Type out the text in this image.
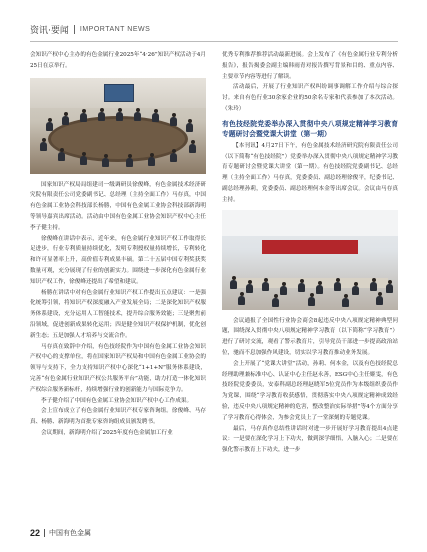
资讯·要闻 IMPORTANT NEWS

会知识产权中心主办的有色金属行业2025年“4·26”知识产权活动于4月25日在京举行。

国家知识产权局局组建司一级调研员徐俊峰，有色金属技术经济研究院有限责任公司党委副书记、总经理（主持全面工作）马存真，中国有色金属工业协会科技部长杨勝，中国有色金属工业协会科技部新海明等领导嘉宾出席活动。活动由中国有色金属工业协会知识产权中心主任李子健主持。

徐俊峰在讲话中表示，近年来，有色金属行业知识产权工作取得长足进步，行业专利质量持续优化，发明专利授权量持续增长，专利转化和许可显著率上升，高价值专利成果丰硕。第二十五届中国专利奖获奖数量可观，充分展现了行业的创新实力。围绕进一步深化有色金属行业知识产权工作，徐俊峰还提出了希望和建议。

杨勝在讲话中对有色金属行业知识产权工作提出五点建议：一是强化统筹引领，将知识产权深度融入产业发展全局；二是深化知识产权服务体系建设，充分运用人工智能技术，提升综合服务效能；三是聚焦前沿领域，促进创新成果转化运用；四是健全知识产权保护机制，优化创新生态；五是加强人才培养与交流合作。

马存真在致辞中介绍，有色技经院作为中国有色金属工业协会知识产权中心的支撑单位，将在国家知识产权局和中国有色金属工业协会的领导与支持下，全力支持知识产权中心深化“1+1+N”服务体系建设，完善“有色金属行业知识产权公共服务平台”功能，助力打造一体化知识产权综合服务新标杆，持续增强行业的创新能力与国际竞争力。

李子健介绍了中国有色金属工业协会知识产权中心工作成果。

会上宣布成立了有色金属行业知识产权专家咨询组。徐俊峰、马存真、杨勝、新海明为首批专家咨询组成员颁发聘书。

会议期间，新海明介绍了2025年度有色金属加工行业

优秀专利推荐推荐活动最新进展。会上发布了《有色金属行业专利分析报告》，报告揭委会副主编韩雨青对报告撰写背景和目的、重点内容、主要章节内容等进行了解读。

活动最后，开展了行业知识产权纠纷调事调解工作介绍与综合探讨。来自有色行业30余家企业的50余名专家和代表参加了本次活动。（朱玲）

有色技经院党委举办深入贯彻中央八项规定精神学习教育专题研讨会暨党课大讲堂（第一期）

【本刊讯】4月27日下午，有色金属技术经济研究院有限责任公司（以下简称“有色技经院”）党委举办深入贯彻中央八项规定精神学习教育专题研讨会暨党课大讲堂（第一期）。有色技经院党委副书记、总经理（主持全面工作）马存真，党委委员、副总经理徐俊平，纪委书记、副总经理孙莉，党委委员、副总经理何本金等出席会议。会议由马存真主持。

会议通报了全国性行业协会商会8起违反中央八项规定精神典型问题，围绕深入贯彻中央八项规定精神学习教育（以下简称“学习教育”）进行了研讨交流，观看了警示教育片，引导党员干部进一步提高政治站位，驰而不息加强作风建设，切实以学习教育推动业务发展。

会上开展了“党课大讲堂”活动，孙莉、何本金，以及有色技经院总经理助理兼标准中心、认证中心主任赵永善，ESG中心主任姬雯，有色技经院党委委员，安泰科副总经理赵晓军5位党员作为本级组织委员作为党课，围绕“学习教育收获感悟，贯彻落实中央八项规定精神成效经验，违反中央八项规定精神的危害，整改整治实际举措”等4个方面分享了学习教育心得体会，为参会党员上了一堂深刻的专题党课。

最后，马存真作总结性讲话时对进一步开展好学习教育提出4点建议：一是要在深化学习上下功夫，做到深学细悟，入脑入心；二是要在强化警示教育上下功夫，进一步

22 中国有色金属
